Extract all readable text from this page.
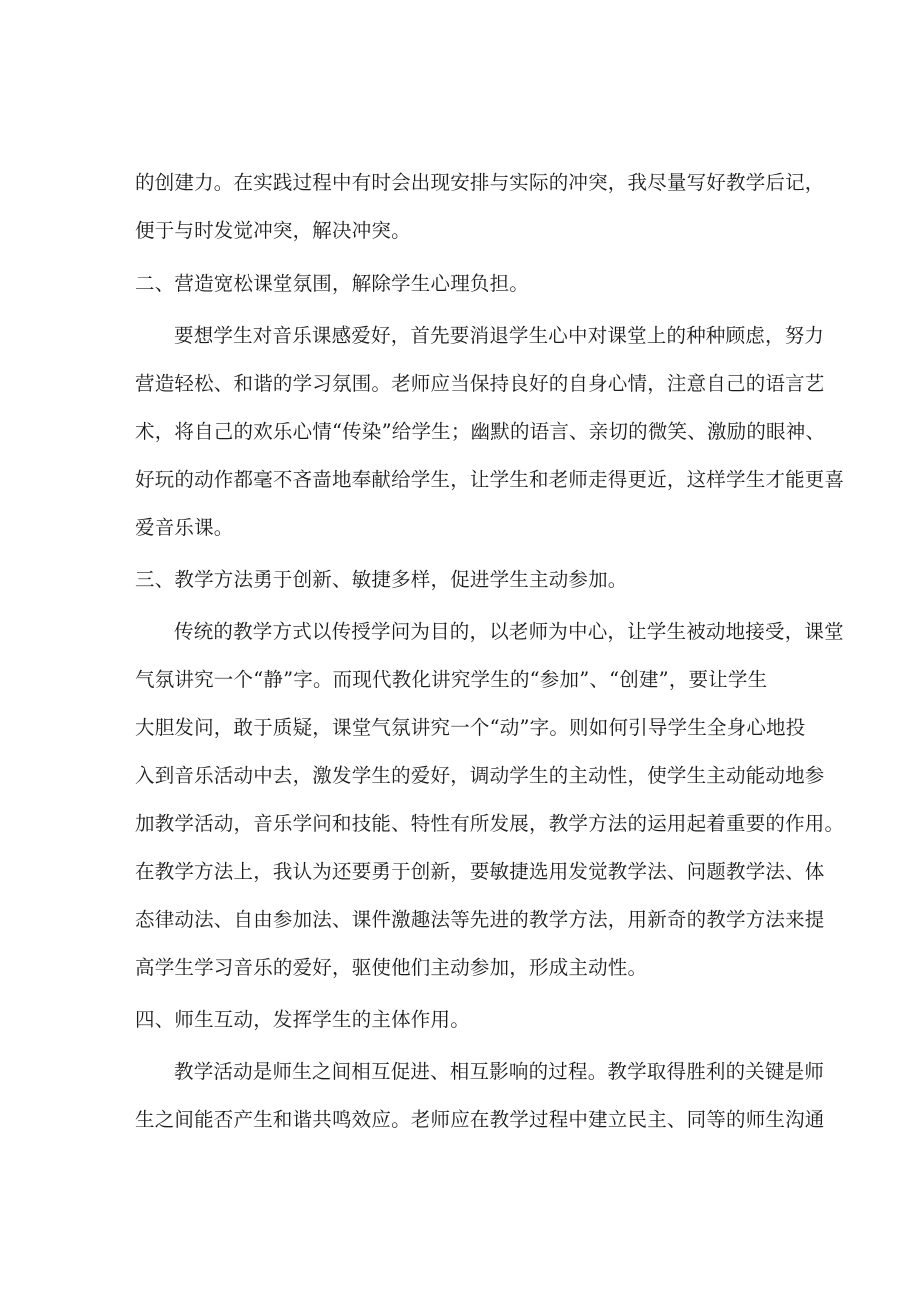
的创建力。在实践过程中有时会出现安排与实际的冲突，我尽量写好教学后记，
便于与时发觉冲突，解决冲突。
二、营造宽松课堂氛围，解除学生心理负担。
要想学生对音乐课感爱好，首先要消退学生心中对课堂上的种种顾虑，努力
营造轻松、和谐的学习氛围。老师应当保持良好的自身心情，注意自己的语言艺
术，将自己的欢乐心情“传染”给学生；幽默的语言、亲切的微笑、激励的眼神、
好玩的动作都毫不吝啬地奉献给学生，让学生和老师走得更近，这样学生才能更喜
爱音乐课。
三、教学方法勇于创新、敏捷多样，促进学生主动参加。
传统的教学方式以传授学问为目的，以老师为中心，让学生被动地接受，课堂
气氛讲究一个“静”字。而现代教化讲究学生的“参加”、“创建”，要让学生
大胆发问，敢于质疑，课堂气氛讲究一个“动”字。则如何引导学生全身心地投
入到音乐活动中去，激发学生的爱好，调动学生的主动性，使学生主动能动地参
加教学活动，音乐学问和技能、特性有所发展，教学方法的运用起着重要的作用。
在教学方法上，我认为还要勇于创新，要敏捷选用发觉教学法、问题教学法、体
态律动法、自由参加法、课件激趣法等先进的教学方法，用新奇的教学方法来提
高学生学习音乐的爱好，驱使他们主动参加，形成主动性。
四、师生互动，发挥学生的主体作用。
教学活动是师生之间相互促进、相互影响的过程。教学取得胜利的关键是师
生之间能否产生和谐共鸣效应。老师应在教学过程中建立民主、同等的师生沟通
